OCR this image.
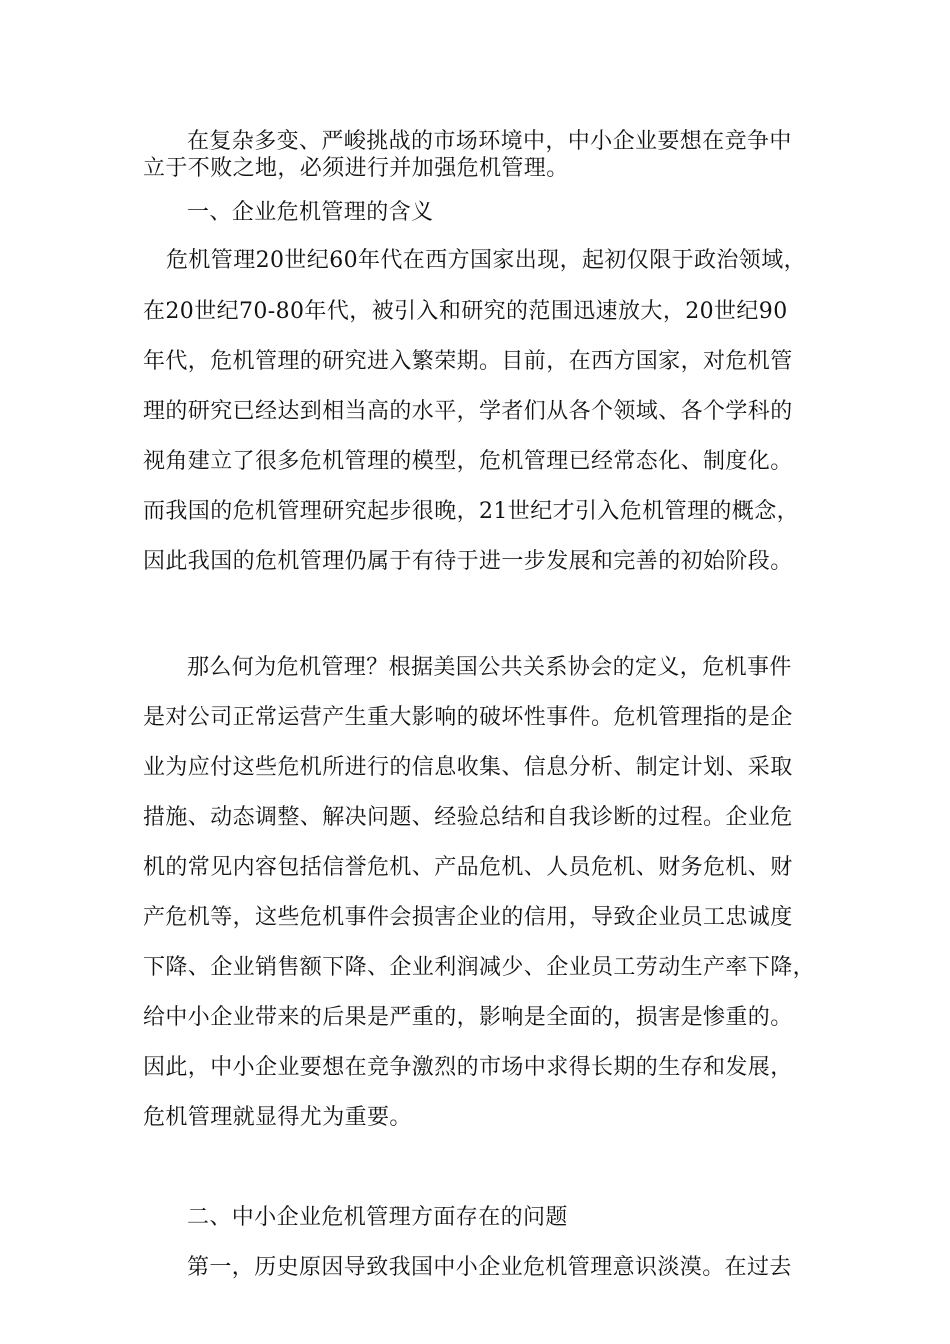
在复杂多变、严峻挑战的市场环境中，中小企业要想在竞争中
立于不败之地，必须进行并加强危机管理。
一、企业危机管理的含义
危机管理20世纪60年代在西方国家出现，起初仅限于政治领域，
在20世纪70-80年代，被引入和研究的范围迅速放大，20世纪90
年代，危机管理的研究进入繁荣期。目前，在西方国家，对危机管
理的研究已经达到相当高的水平，学者们从各个领域、各个学科的
视角建立了很多危机管理的模型，危机管理已经常态化、制度化。
而我国的危机管理研究起步很晚，21世纪才引入危机管理的概念，
因此我国的危机管理仍属于有待于进一步发展和完善的初始阶段。
那么何为危机管理？根据美国公共关系协会的定义，危机事件
是对公司正常运营产生重大影响的破坏性事件。危机管理指的是企
业为应付这些危机所进行的信息收集、信息分析、制定计划、采取
措施、动态调整、解决问题、经验总结和自我诊断的过程。企业危
机的常见内容包括信誉危机、产品危机、人员危机、财务危机、财
产危机等，这些危机事件会损害企业的信用，导致企业员工忠诚度
下降、企业销售额下降、企业利润减少、企业员工劳动生产率下降，
给中小企业带来的后果是严重的，影响是全面的，损害是惨重的。
因此，中小企业要想在竞争激烈的市场中求得长期的生存和发展，
危机管理就显得尤为重要。
二、中小企业危机管理方面存在的问题
第一，历史原因导致我国中小企业危机管理意识淡漠。在过去
